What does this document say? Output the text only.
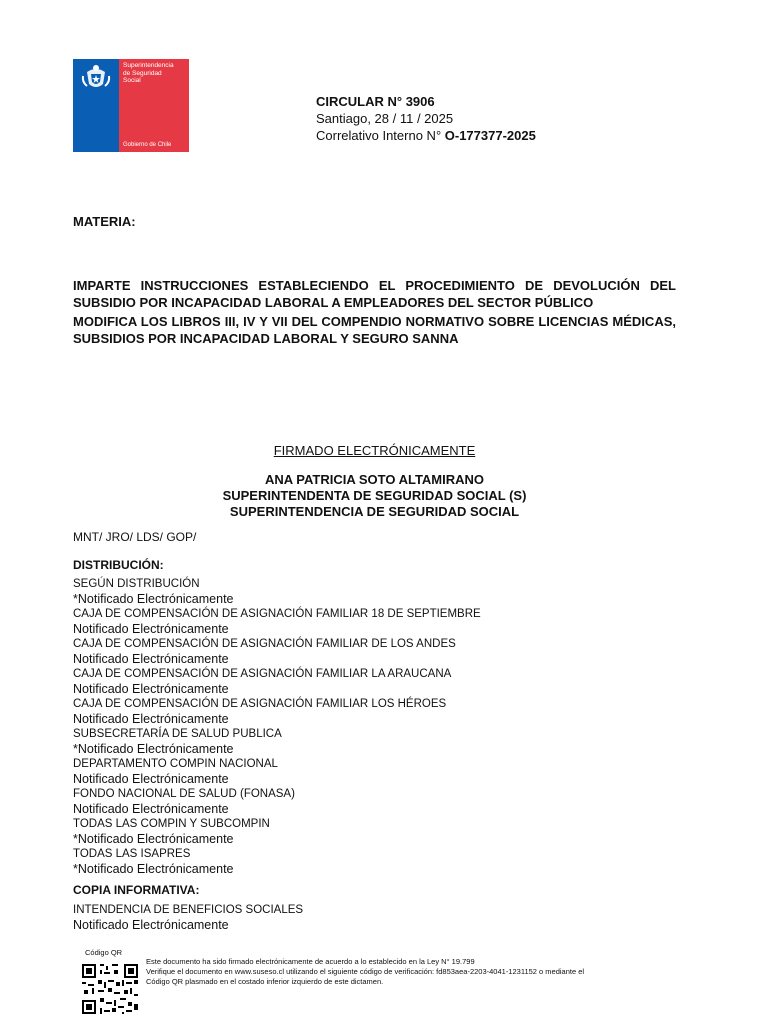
Superintendencia
de Seguridad
Social
Gobierno de Chile
CIRCULAR N° 3906
Santiago, 28 / 11 / 2025
Correlativo Interno N° O-177377-2025
MATERIA:
IMPARTE INSTRUCCIONES ESTABLECIENDO EL PROCEDIMIENTO DE DEVOLUCIÓN DEL SUBSIDIO POR INCAPACIDAD LABORAL A EMPLEADORES DEL SECTOR PÚBLICO
MODIFICA LOS LIBROS III, IV Y VII DEL COMPENDIO NORMATIVO SOBRE LICENCIAS MÉDICAS, SUBSIDIOS POR INCAPACIDAD LABORAL Y SEGURO SANNA
FIRMADO ELECTRÓNICAMENTE
ANA PATRICIA SOTO ALTAMIRANO
SUPERINTENDENTA DE SEGURIDAD SOCIAL (S)
SUPERINTENDENCIA DE SEGURIDAD SOCIAL
MNT/ JRO/ LDS/ GOP/
DISTRIBUCIÓN:
SEGÚN DISTRIBUCIÓN
*Notificado Electrónicamente
CAJA DE COMPENSACIÓN DE ASIGNACIÓN FAMILIAR 18 DE SEPTIEMBRE
Notificado Electrónicamente
CAJA DE COMPENSACIÓN DE ASIGNACIÓN FAMILIAR DE LOS ANDES
Notificado Electrónicamente
CAJA DE COMPENSACIÓN DE ASIGNACIÓN FAMILIAR LA ARAUCANA
Notificado Electrónicamente
CAJA DE COMPENSACIÓN DE ASIGNACIÓN FAMILIAR LOS HÉROES
Notificado Electrónicamente
SUBSECRETARÍA DE SALUD PUBLICA
*Notificado Electrónicamente
DEPARTAMENTO COMPIN NACIONAL
Notificado Electrónicamente
FONDO NACIONAL DE SALUD (FONASA)
Notificado Electrónicamente
TODAS LAS COMPIN Y SUBCOMPIN
*Notificado Electrónicamente
TODAS LAS ISAPRES
*Notificado Electrónicamente
COPIA INFORMATIVA:
INTENDENCIA DE BENEFICIOS SOCIALES
Notificado Electrónicamente
Código QR
Este documento ha sido firmado electrónicamente de acuerdo a lo establecido en la Ley N° 19.799
Verifique el documento en www.suseso.cl utilizando el siguiente código de verificación: fd853aea-2203-4041-1231152 o mediante el
Código QR plasmado en el costado inferior izquierdo de este dictamen.
